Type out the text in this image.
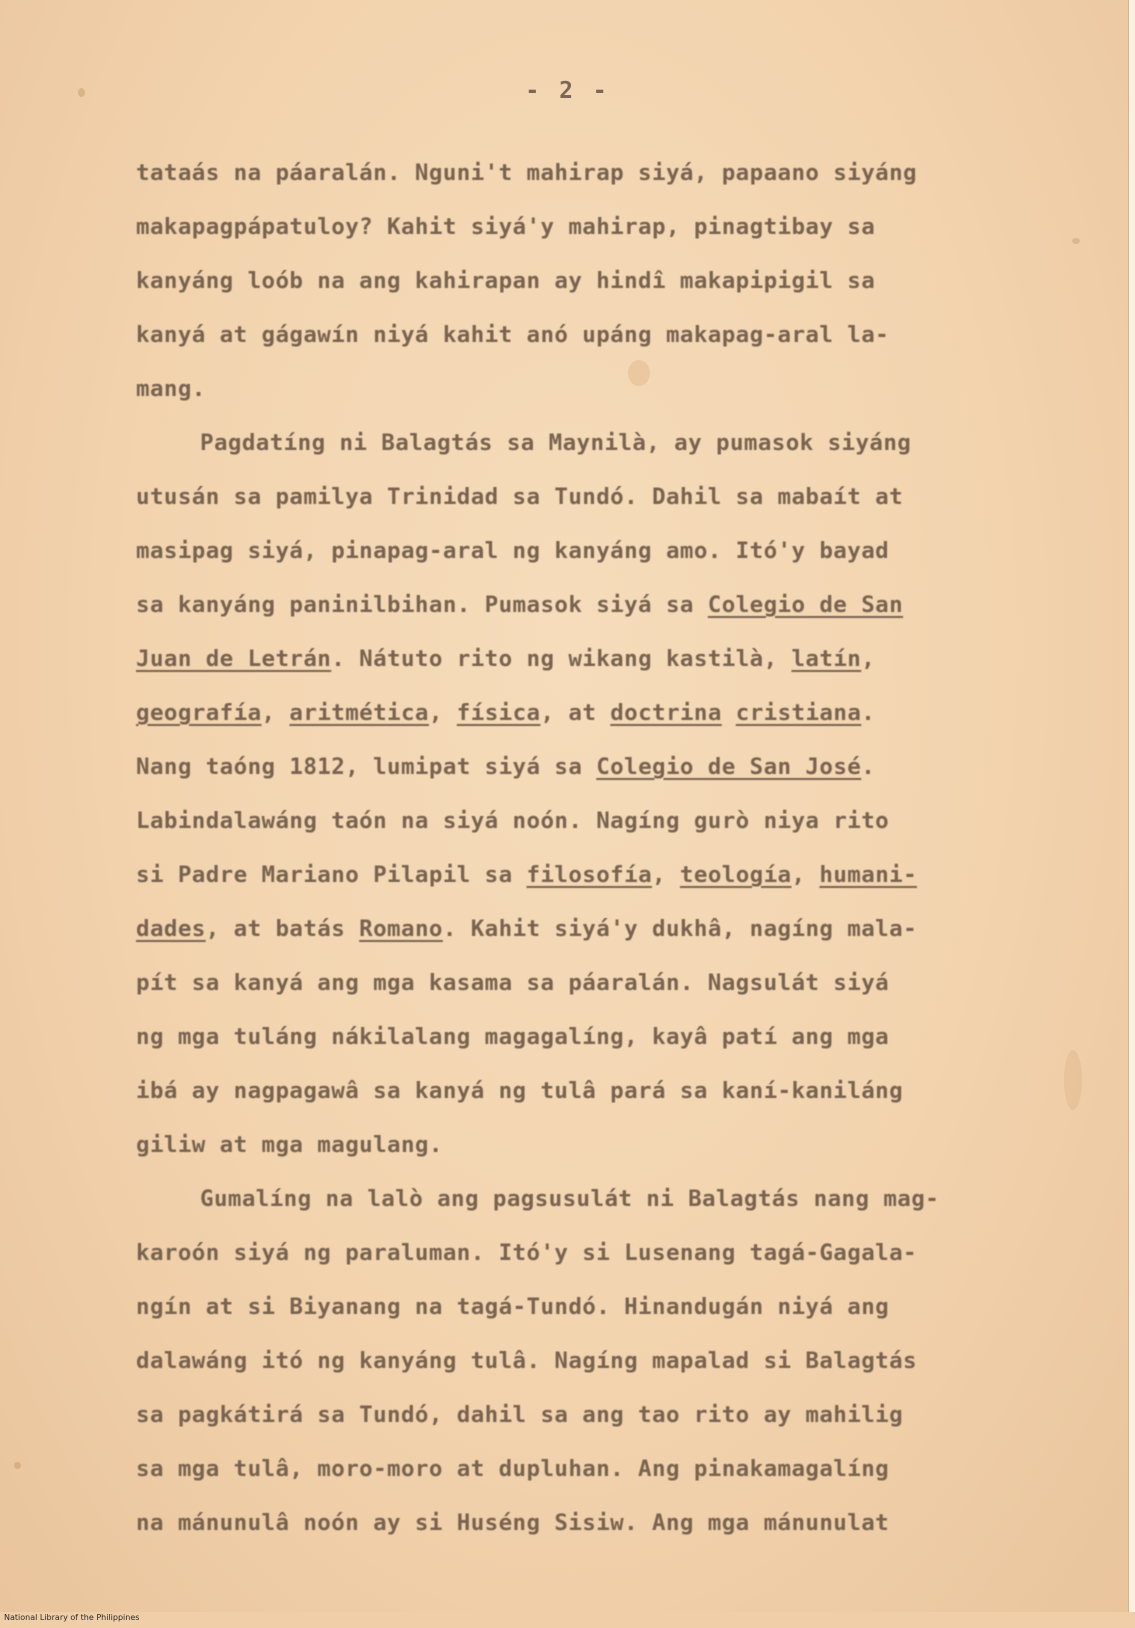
- 2 -
tataás na páaralán. Nguni't mahirap siyá, papaano siyáng
makapagpápatuloy? Kahit siyá'y mahirap, pinagtibay sa
kanyáng loób na ang kahirapan ay hindî makapipigil sa
kanyá at gágawín niyá kahit anó upáng makapag-aral la-
mang.
Pagdatíng ni Balagtás sa Maynilà, ay pumasok siyáng
utusán sa pamilya Trinidad sa Tundó. Dahil sa mabaít at
masipag siyá, pinapag-aral ng kanyáng amo. Itó'y bayad
sa kanyáng paninilbihan. Pumasok siyá sa Colegio de San
Juan de Letrán. Nátuto rito ng wikang kastilà, latín,
geografía, aritmética, física, at doctrina cristiana.
Nang taóng 1812, lumipat siyá sa Colegio de San José.
Labindalawáng taón na siyá noón. Nagíng gurò niya rito
si Padre Mariano Pilapil sa filosofía, teología, humani-
dades, at batás Romano. Kahit siyá'y dukhâ, nagíng mala-
pít sa kanyá ang mga kasama sa páaralán. Nagsulát siyá
ng mga tuláng nákilalang magagalíng, kayâ patí ang mga
ibá ay nagpagawâ sa kanyá ng tulâ pará sa kaní-kaniláng
giliw at mga magulang.
Gumalíng na lalò ang pagsusulát ni Balagtás nang mag-
karoón siyá ng paraluman. Itó'y si Lusenang tagá-Gagala-
ngín at si Biyanang na tagá-Tundó. Hinandugán niyá ang
dalawáng itó ng kanyáng tulâ. Nagíng mapalad si Balagtás
sa pagkátirá sa Tundó, dahil sa ang tao rito ay mahilig
sa mga tulâ, moro-moro at dupluhan. Ang pinakamagalíng
na mánunulâ noón ay si Huséng Sisiw. Ang mga mánunulat
National Library of the Philippines
